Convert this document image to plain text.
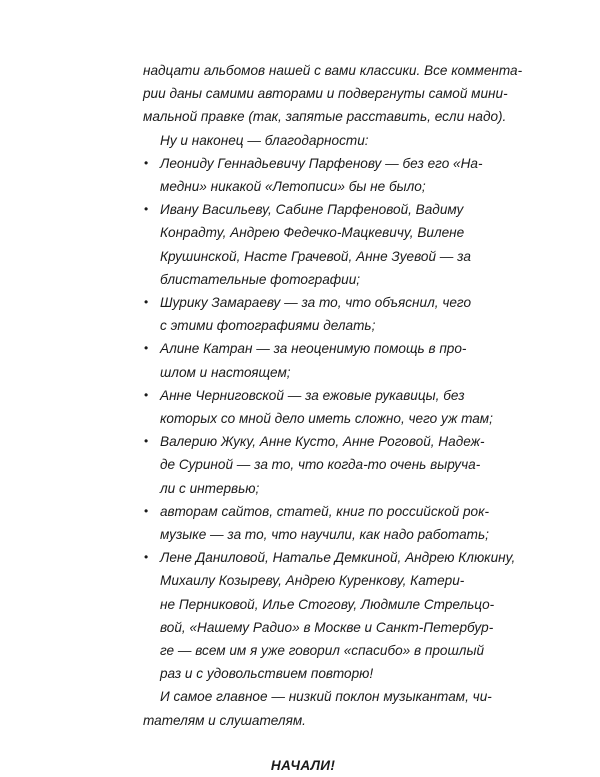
надцати альбомов нашей с вами классики. Все коммента-
рии даны самими авторами и подвергнуты самой мини-
мальной правке (так, запятые расставить, если надо).
Ну и наконец — благодарности:
• Леониду Геннадьевичу Парфенову — без его «На-
медни» никакой «Летописи» бы не было;
• Ивану Васильеву, Сабине Парфеновой, Вадиму
Конрадту, Андрею Федечко-Мацкевичу, Вилене
Крушинской, Насте Грачевой, Анне Зуевой — за
блистательные фотографии;
• Шурику Замараеву — за то, что объяснил, чего
с этими фотографиями делать;
• Алине Катран — за неоценимую помощь в про-
шлом и настоящем;
• Анне Черниговской — за ежовые рукавицы, без
которых со мной дело иметь сложно, чего уж там;
• Валерию Жуку, Анне Кусто, Анне Роговой, Надеж-
де Суриной — за то, что когда-то очень выруча-
ли с интервью;
• авторам сайтов, статей, книг по российской рок-
музыке — за то, что научили, как надо работать;
• Лене Даниловой, Наталье Демкиной, Андрею Клюкину,
Михаилу Козыреву, Андрею Куренкову, Катери-
не Перниковой, Илье Стогову, Людмиле Стрельцо-
вой, «Нашему Радио» в Москве и Санкт-Петербур-
ге — всем им я уже говорил «спасибо» в прошлый
раз и с удовольствием повторю!
И самое главное — низкий поклон музыкантам, чи-
тателям и слушателям.
НАЧАЛИ!
